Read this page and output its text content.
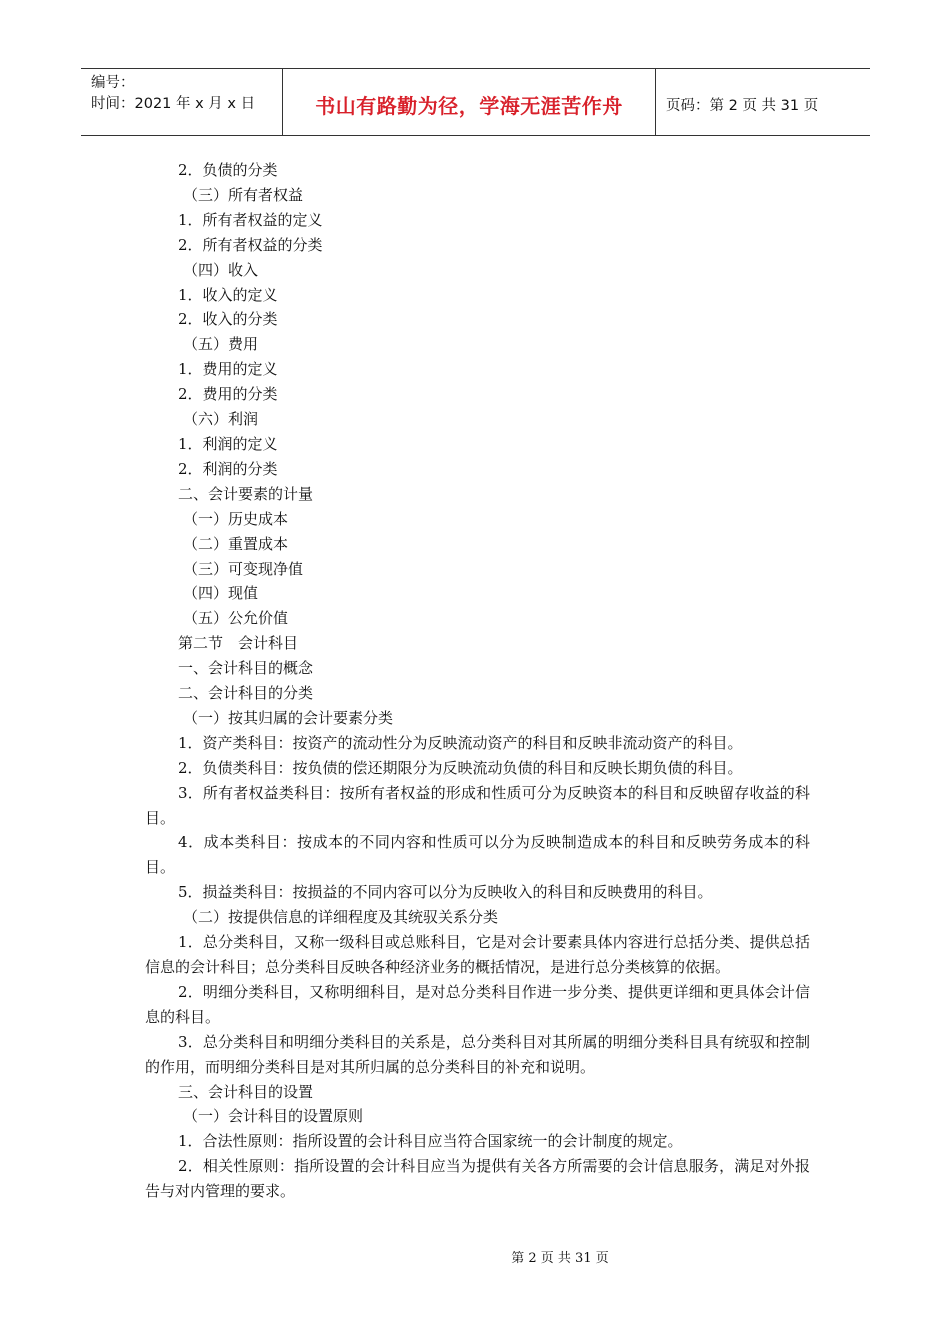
编号：
时间：2021 年 x 月 x 日	书山有路勤为径，学海无涯苦作舟	页码：第 2 页 共 31 页
2．负债的分类
（三）所有者权益
1．所有者权益的定义
2．所有者权益的分类
（四）收入
1．收入的定义
2．收入的分类
（五）费用
1．费用的定义
2．费用的分类
（六）利润
1．利润的定义
2．利润的分类
二、会计要素的计量
（一）历史成本
（二）重置成本
（三）可变现净值
（四）现值
（五）公允价值
第二节　会计科目
一、会计科目的概念
二、会计科目的分类
（一）按其归属的会计要素分类
1．资产类科目：按资产的流动性分为反映流动资产的科目和反映非流动资产的科目。
2．负债类科目：按负债的偿还期限分为反映流动负债的科目和反映长期负债的科目。
3．所有者权益类科目：按所有者权益的形成和性质可分为反映资本的科目和反映留存收益的科目。
4．成本类科目：按成本的不同内容和性质可以分为反映制造成本的科目和反映劳务成本的科目。
5．损益类科目：按损益的不同内容可以分为反映收入的科目和反映费用的科目。
（二）按提供信息的详细程度及其统驭关系分类
1．总分类科目，又称一级科目或总账科目，它是对会计要素具体内容进行总括分类、提供总括信息的会计科目；总分类科目反映各种经济业务的概括情况，是进行总分类核算的依据。
2．明细分类科目，又称明细科目，是对总分类科目作进一步分类、提供更详细和更具体会计信息的科目。
3．总分类科目和明细分类科目的关系是，总分类科目对其所属的明细分类科目具有统驭和控制的作用，而明细分类科目是对其所归属的总分类科目的补充和说明。
三、会计科目的设置
（一）会计科目的设置原则
1．合法性原则：指所设置的会计科目应当符合国家统一的会计制度的规定。
2．相关性原则：指所设置的会计科目应当为提供有关各方所需要的会计信息服务，满足对外报告与对内管理的要求。
第 2 页 共 31 页
